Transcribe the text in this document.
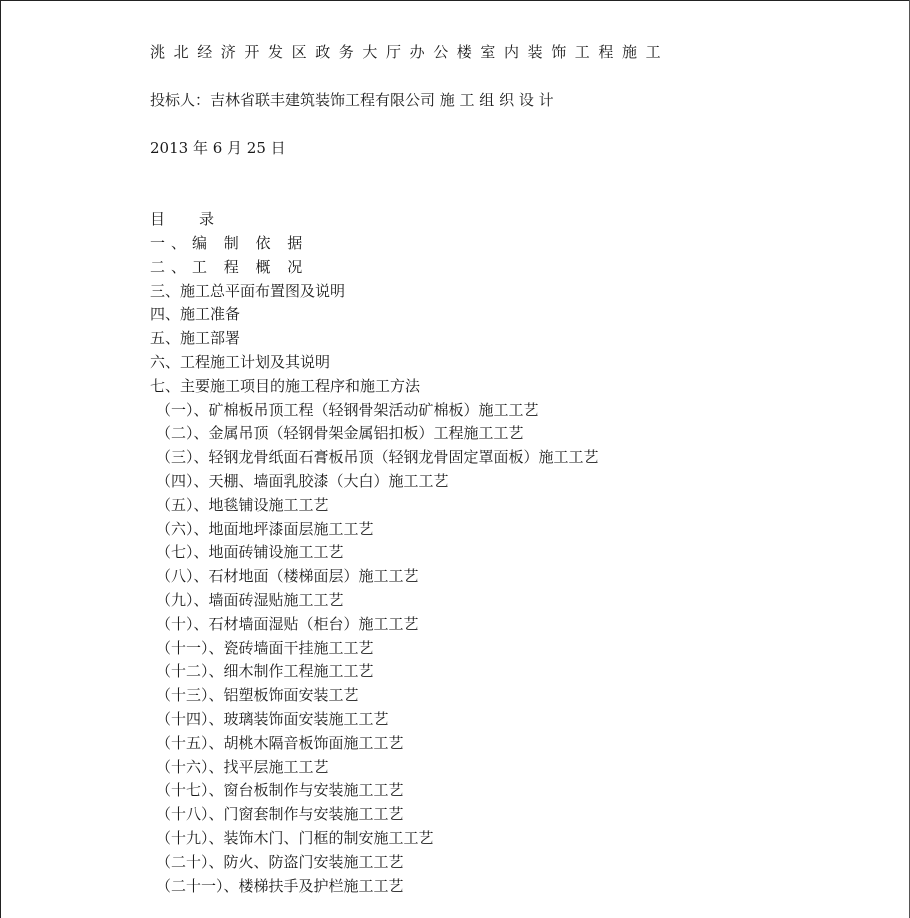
洮北经济开发区政务大厅办公楼室内装饰工程施工
投标人：吉林省联丰建筑装饰工程有限公司 施 工 组 织 设 计
2013 年 6 月 25 日
目 录
一、编 制 依 据
二、工 程 概 况
三、施工总平面布置图及说明
四、施工准备
五、施工部署
六、工程施工计划及其说明
七、主要施工项目的施工程序和施工方法
（一）、矿棉板吊顶工程（轻钢骨架活动矿棉板）施工工艺
（二）、金属吊顶（轻钢骨架金属铝扣板）工程施工工艺
（三）、轻钢龙骨纸面石膏板吊顶（轻钢龙骨固定罩面板）施工工艺
（四）、天棚、墙面乳胶漆（大白）施工工艺
（五）、地毯铺设施工工艺
（六）、地面地坪漆面层施工工艺
（七）、地面砖铺设施工工艺
（八）、石材地面（楼梯面层）施工工艺
（九）、墙面砖湿贴施工工艺
（十）、石材墙面湿贴（柜台）施工工艺
（十一）、瓷砖墙面干挂施工工艺
（十二）、细木制作工程施工工艺
（十三）、铝塑板饰面安装工艺
（十四）、玻璃装饰面安装施工工艺
（十五）、胡桃木隔音板饰面施工工艺
（十六）、找平层施工工艺
（十七）、窗台板制作与安装施工工艺
（十八）、门窗套制作与安装施工工艺
（十九）、装饰木门、门框的制安施工工艺
（二十）、防火、防盗门安装施工工艺
（二十一）、楼梯扶手及护栏施工工艺
